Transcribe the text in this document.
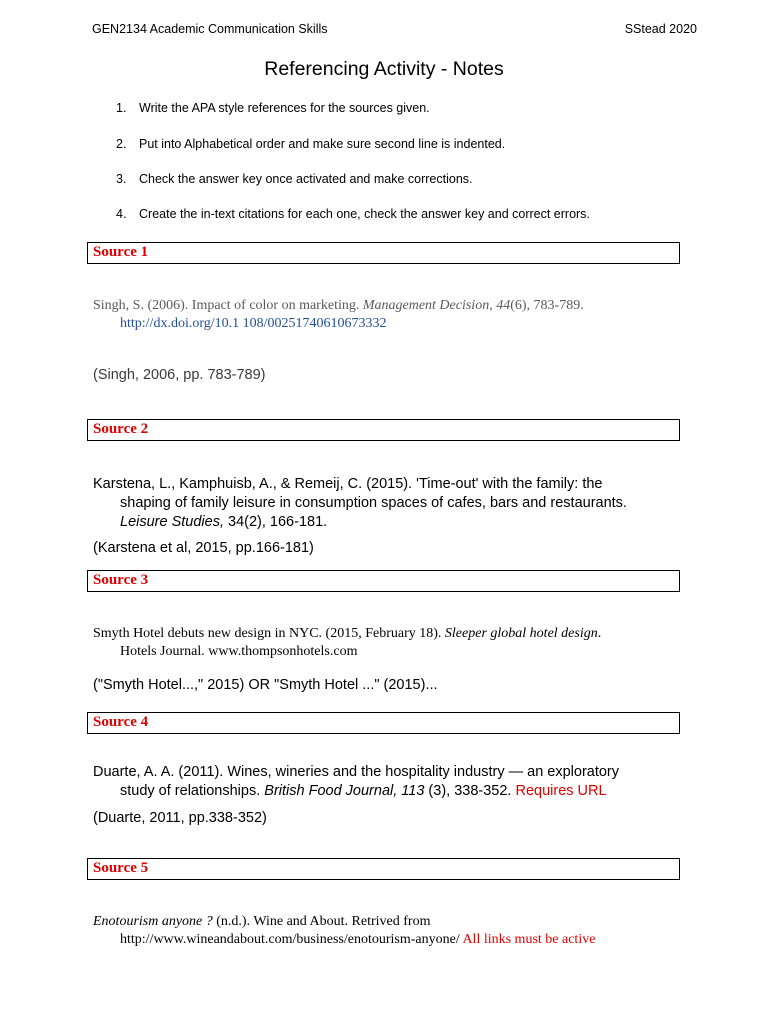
GEN2134 Academic Communication Skills	SStead 2020
Referencing Activity - Notes
1. Write the APA style references for the sources given.
2. Put into Alphabetical order and make sure second line is indented.
3. Check the answer key once activated and make corrections.
4. Create the in-text citations for each one, check the answer key and correct errors.
Source 1
Singh, S. (2006). Impact of color on marketing. Management Decision, 44(6), 783-789.
http://dx.doi.org/10.1 108/00251740610673332
(Singh, 2006, pp. 783-789)
Source 2
Karstena, L., Kamphuisb, A., & Remeij, C. (2015). 'Time-out' with the family: the
shaping of family leisure in consumption spaces of cafes, bars and restaurants.
Leisure Studies, 34(2), 166-181.
(Karstena et al, 2015, pp.166-181)
Source 3
Smyth Hotel debuts new design in NYC. (2015, February 18). Sleeper global hotel design.
Hotels Journal. www.thompsonhotels.com
("Smyth Hotel...," 2015) OR "Smyth Hotel ..." (2015)...
Source 4
Duarte, A. A. (2011). Wines, wineries and the hospitality industry — an exploratory
study of relationships. British Food Journal, 113 (3), 338-352. Requires URL
(Duarte, 2011, pp.338-352)
Source 5
Enotourism anyone ? (n.d.). Wine and About. Retrived from
http://www.wineandabout.com/business/enotourism-anyone/ All links must be active
